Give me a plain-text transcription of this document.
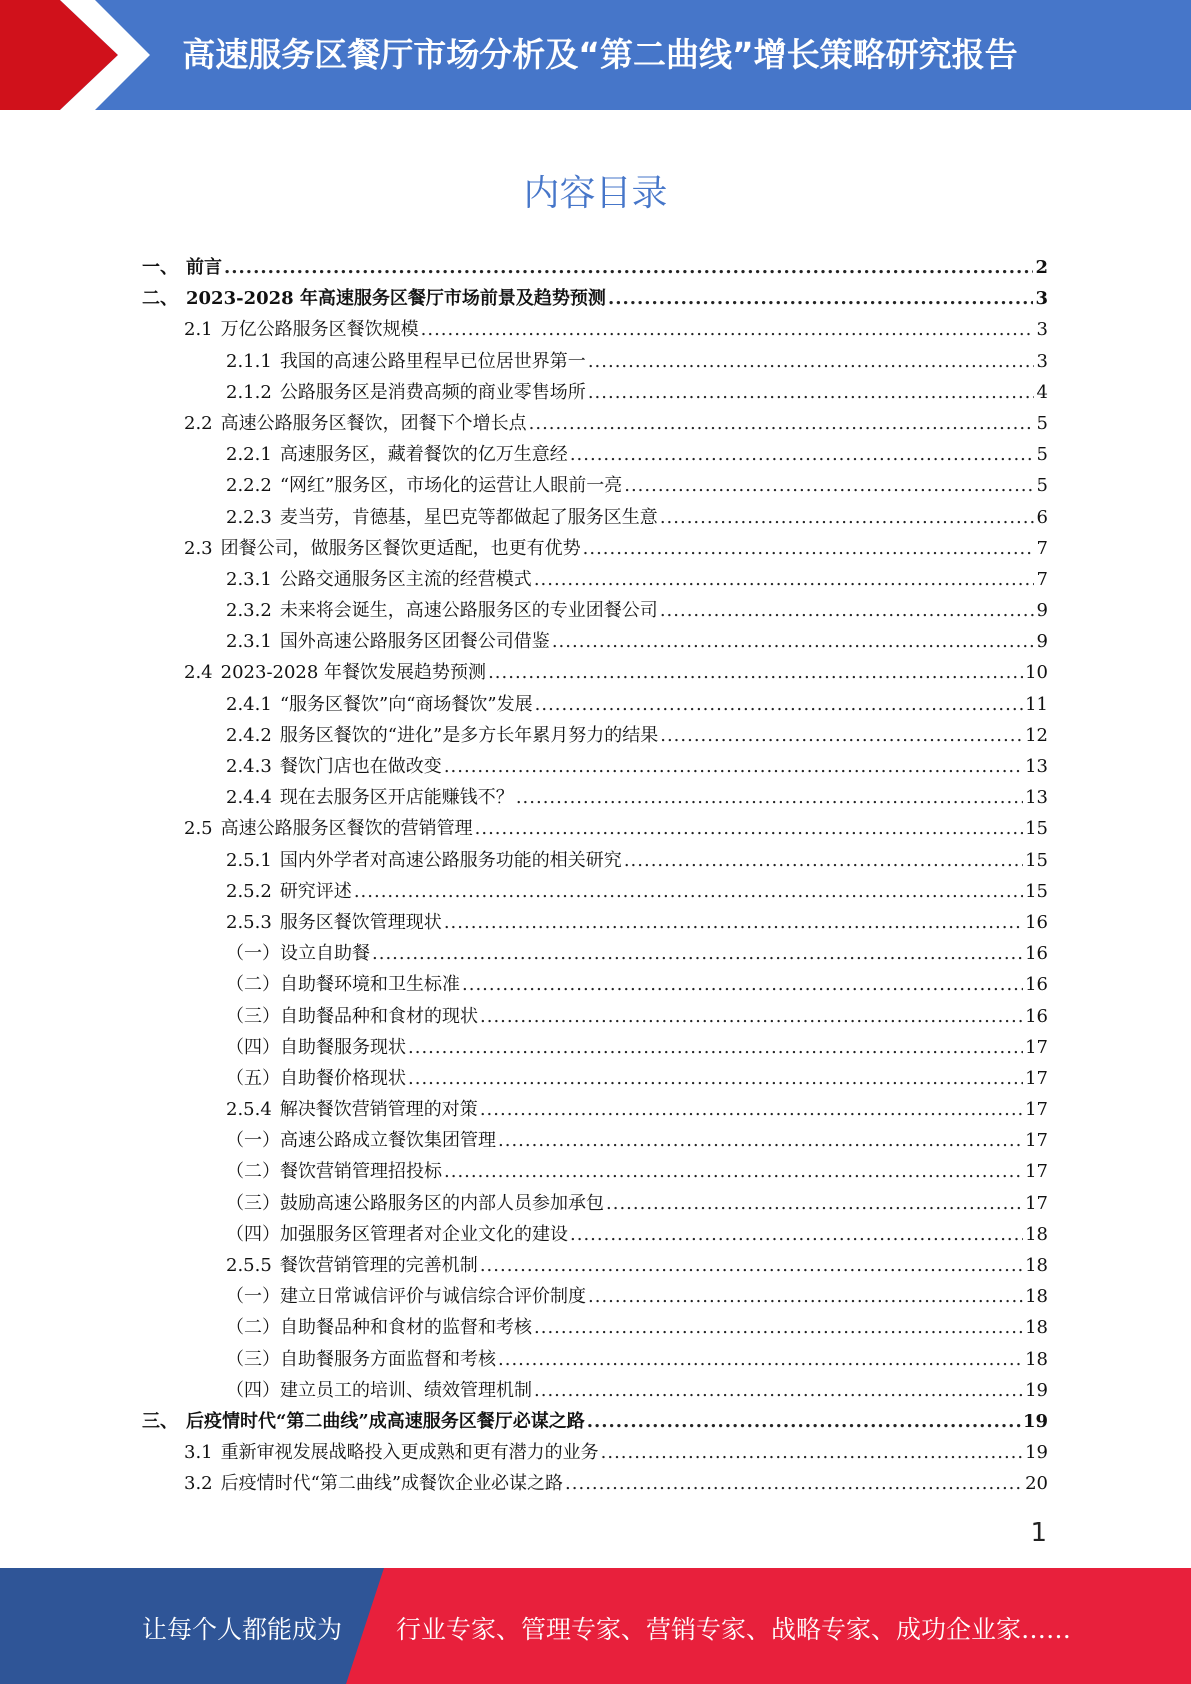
高速服务区餐厅市场分析及“第二曲线”增长策略研究报告
内容目录
一、 前言 .....	2
二、 2023-2028 年高速服务区餐厅市场前景及趋势预测 .....	3
2.1 万亿公路服务区餐饮规模 .....	3
2.1.1 我国的高速公路里程早已位居世界第一 .....	3
2.1.2 公路服务区是消费高频的商业零售场所 .....	4
2.2 高速公路服务区餐饮，团餐下个增长点 .....	5
2.2.1 高速服务区，藏着餐饮的亿万生意经 .....	5
2.2.2 “网红”服务区，市场化的运营让人眼前一亮 .....	5
2.2.3 麦当劳，肯德基，星巴克等都做起了服务区生意 .....	6
2.3 团餐公司，做服务区餐饮更适配，也更有优势 .....	7
2.3.1 公路交通服务区主流的经营模式 .....	7
2.3.2 未来将会诞生，高速公路服务区的专业团餐公司 .....	9
2.3.1 国外高速公路服务区团餐公司借鉴 .....	9
2.4 2023-2028 年餐饮发展趋势预测 .....	10
2.4.1 “服务区餐饮”向“商场餐饮”发展 .....	11
2.4.2 服务区餐饮的“进化”是多方长年累月努力的结果 .....	12
2.4.3 餐饮门店也在做改变 .....	13
2.4.4 现在去服务区开店能赚钱不？ .....	13
2.5 高速公路服务区餐饮的营销管理 .....	15
2.5.1 国内外学者对高速公路服务功能的相关研究 .....	15
2.5.2 研究评述 .....	15
2.5.3 服务区餐饮管理现状 .....	16
（一） 设立自助餐 .....	16
（二） 自助餐环境和卫生标准 .....	16
（三） 自助餐品种和食材的现状 .....	16
（四） 自助餐服务现状 .....	17
（五） 自助餐价格现状 .....	17
2.5.4 解决餐饮营销管理的对策 .....	17
（一） 高速公路成立餐饮集团管理 .....	17
（二） 餐饮营销管理招投标 .....	17
（三） 鼓励高速公路服务区的内部人员参加承包 .....	17
（四） 加强服务区管理者对企业文化的建设 .....	18
2.5.5 餐饮营销管理的完善机制 .....	18
（一） 建立日常诚信评价与诚信综合评价制度 .....	18
（二） 自助餐品种和食材的监督和考核 .....	18
（三） 自助餐服务方面监督和考核 .....	18
（四） 建立员工的培训、绩效管理机制 .....	19
三、 后疫情时代“第二曲线”成高速服务区餐厅必谋之路 .....	19
3.1 重新审视发展战略投入更成熟和更有潜力的业务 .....	19
3.2 后疫情时代“第二曲线”成餐饮企业必谋之路 .....	20
1
让每个人都能成为 行业专家、管理专家、营销专家、战略专家、成功企业家……
